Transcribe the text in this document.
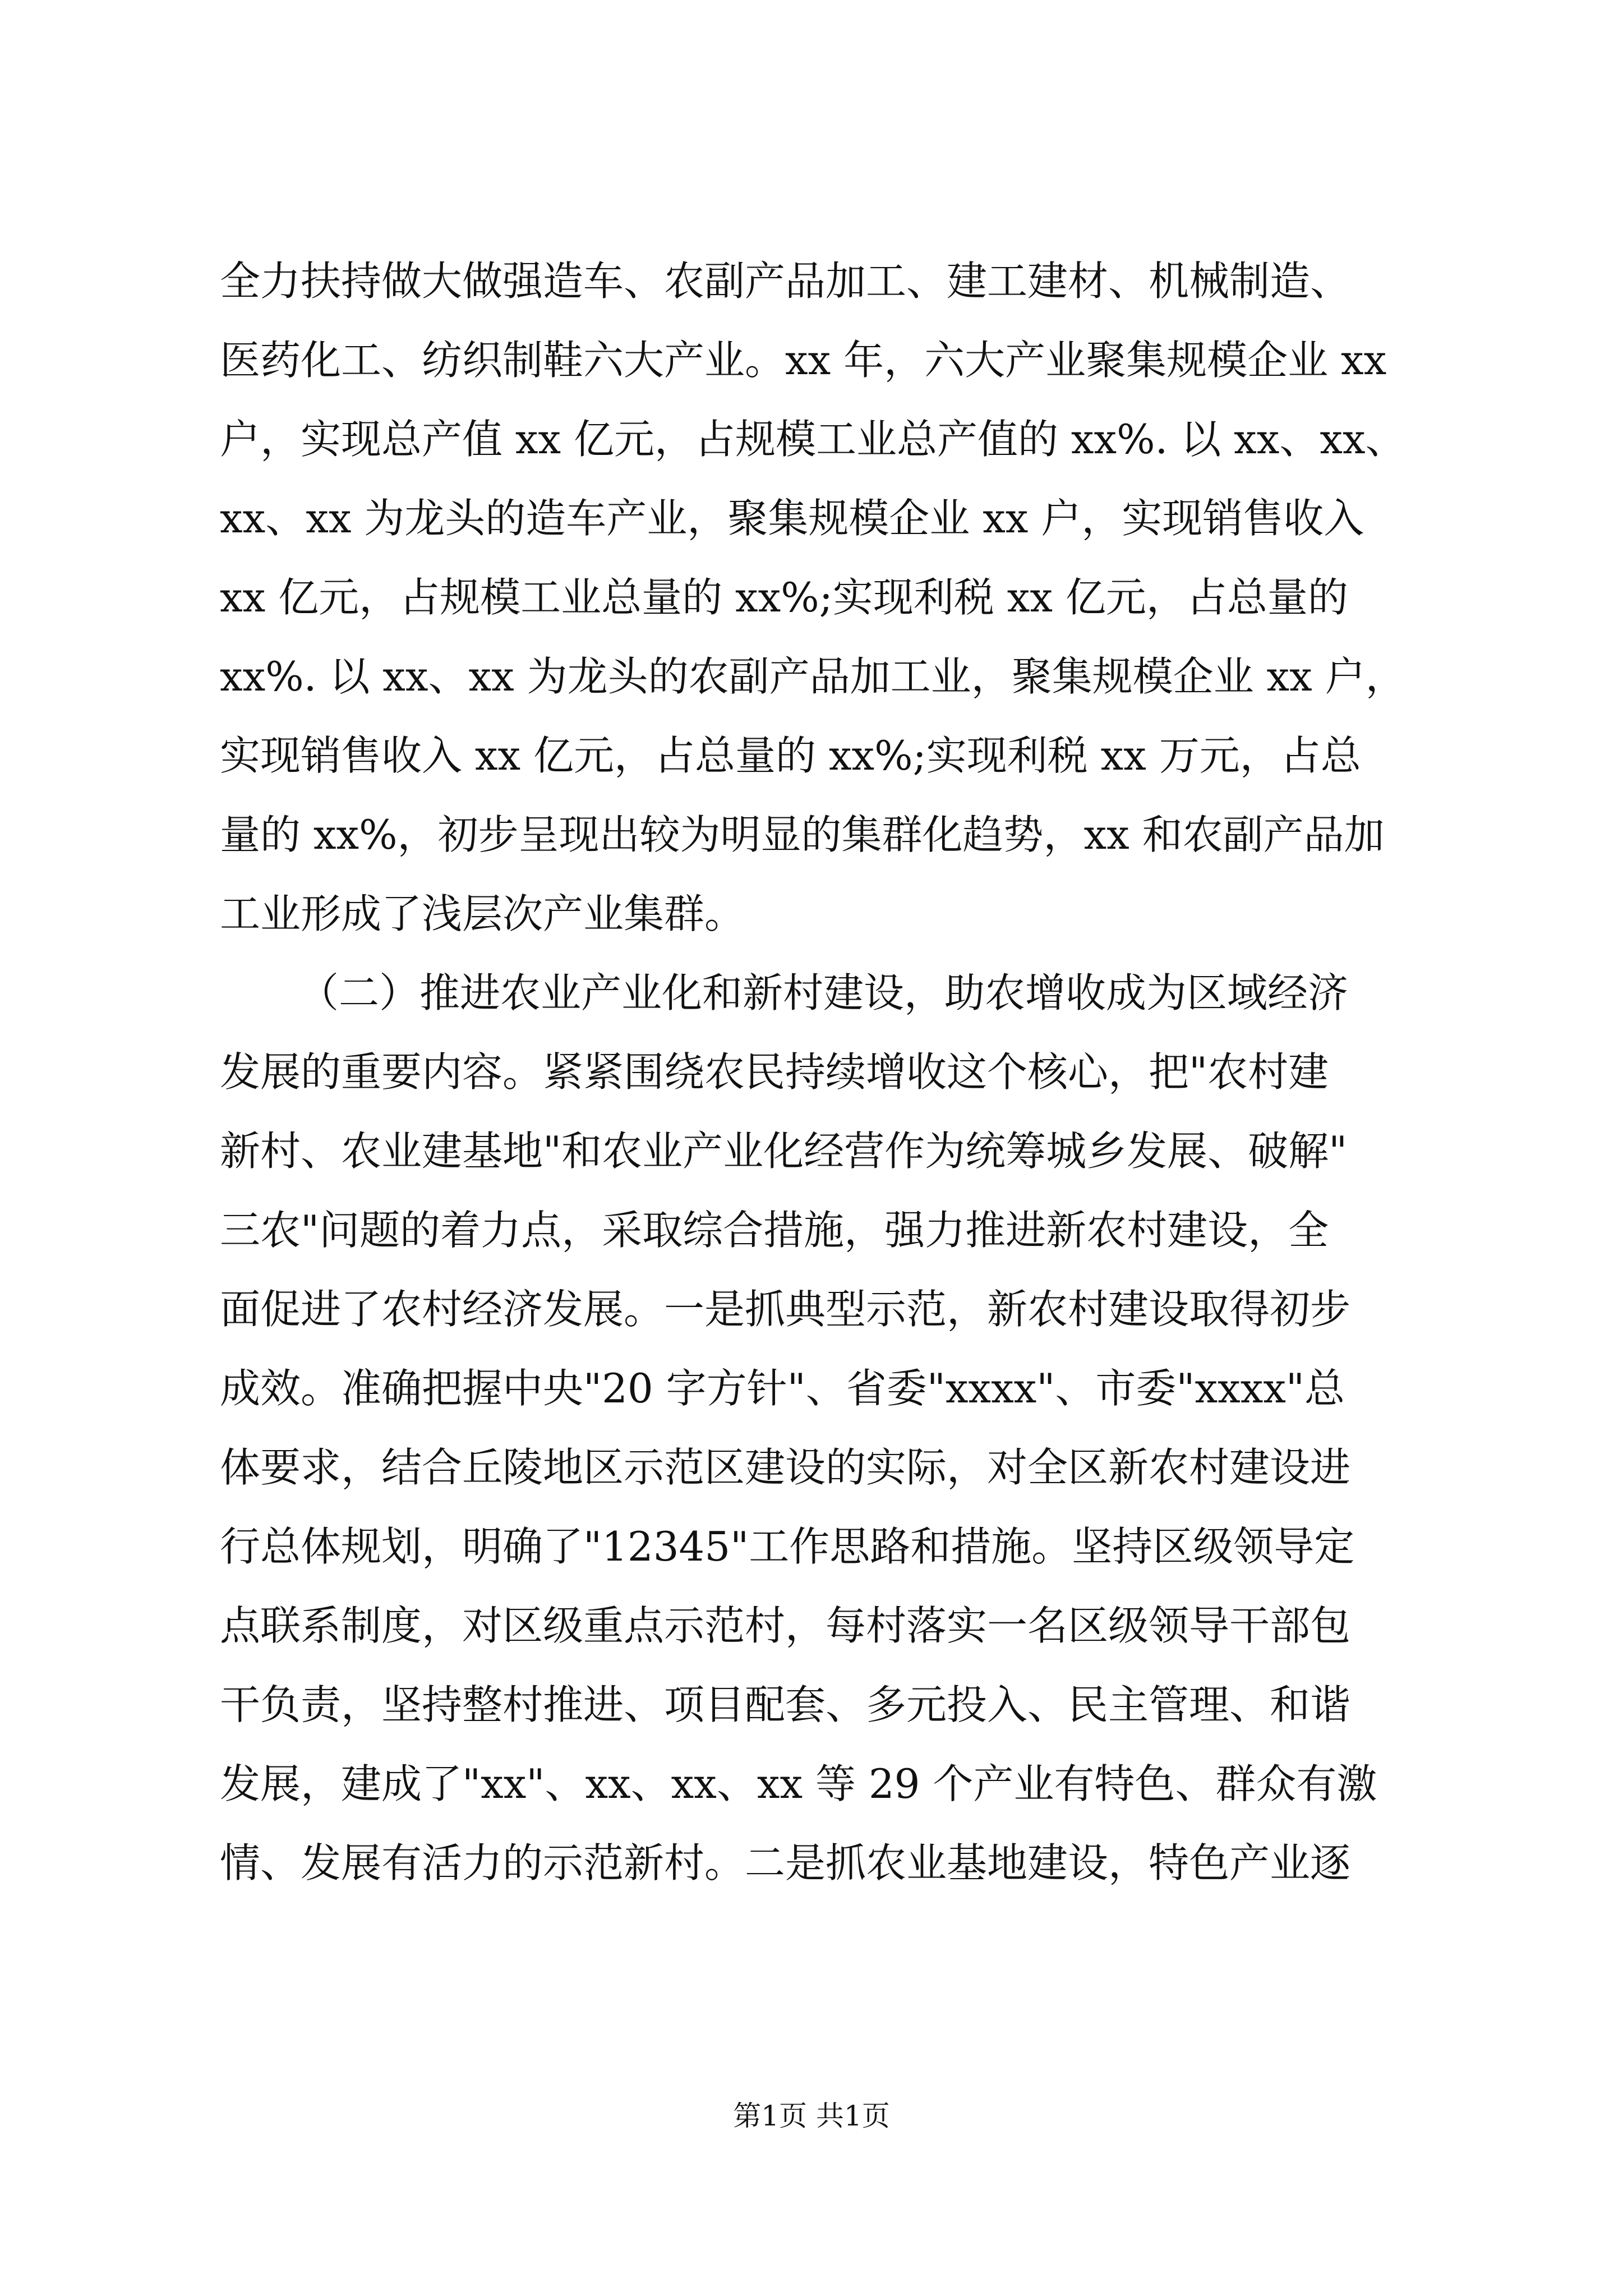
全力扶持做大做强造车、农副产品加工、建工建材、机械制造、
医药化工、纺织制鞋六大产业。xx 年，六大产业聚集规模企业 xx
户，实现总产值 xx 亿元，占规模工业总产值的 xx%. 以 xx、xx、
xx、xx 为龙头的造车产业，聚集规模企业 xx 户，实现销售收入
xx 亿元，占规模工业总量的 xx%;实现利税 xx 亿元，占总量的
xx%. 以 xx、xx 为龙头的农副产品加工业，聚集规模企业 xx 户，
实现销售收入 xx 亿元，占总量的 xx%;实现利税 xx 万元，占总
量的 xx%，初步呈现出较为明显的集群化趋势，xx 和农副产品加
工业形成了浅层次产业集群。
（二）推进农业产业化和新村建设，助农增收成为区域经济
发展的重要内容。紧紧围绕农民持续增收这个核心，把"农村建
新村、农业建基地"和农业产业化经营作为统筹城乡发展、破解"
三农"问题的着力点，采取综合措施，强力推进新农村建设，全
面促进了农村经济发展。一是抓典型示范，新农村建设取得初步
成效。准确把握中央"20 字方针"、省委"xxxx"、市委"xxxx"总
体要求，结合丘陵地区示范区建设的实际，对全区新农村建设进
行总体规划，明确了"12345"工作思路和措施。坚持区级领导定
点联系制度，对区级重点示范村，每村落实一名区级领导干部包
干负责，坚持整村推进、项目配套、多元投入、民主管理、和谐
发展，建成了"xx"、xx、xx、xx 等 29 个产业有特色、群众有激
情、发展有活力的示范新村。二是抓农业基地建设，特色产业逐
第1页 共1页
